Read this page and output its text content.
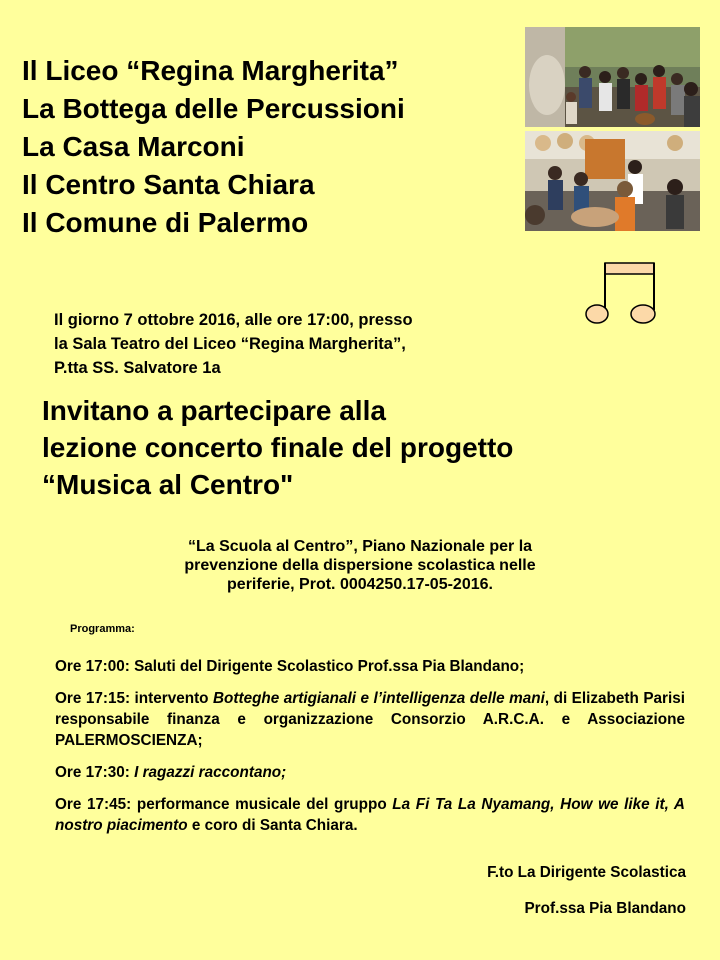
Il Liceo “Regina Margherita”
La Bottega delle Percussioni
La Casa Marconi
Il Centro Santa Chiara
Il Comune di Palermo
Il giorno 7 ottobre 2016, alle ore 17:00, presso
la Sala Teatro del Liceo “Regina Margherita”,
P.tta SS. Salvatore 1a
Invitano a partecipare alla
lezione concerto finale del progetto
“Musica al Centro"
“La Scuola al Centro”, Piano Nazionale per la
prevenzione della dispersione scolastica nelle
periferie, Prot. 0004250.17-05-2016.
Programma:

Ore 17:00: Saluti del Dirigente Scolastico Prof.ssa Pia Blandano;

Ore 17:15: intervento Botteghe artigianali e l’intelligenza delle mani, di Elizabeth Parisi responsabile finanza e organizzazione Consorzio A.R.C.A. e Associazione PALERMOSCIENZA;

Ore 17:30: I ragazzi raccontano;

Ore 17:45: performance musicale del gruppo La Fi Ta La Nyamang, How we like it, A nostro piacimento e coro di Santa Chiara.

F.to La Dirigente Scolastica
Prof.ssa Pia Blandano
